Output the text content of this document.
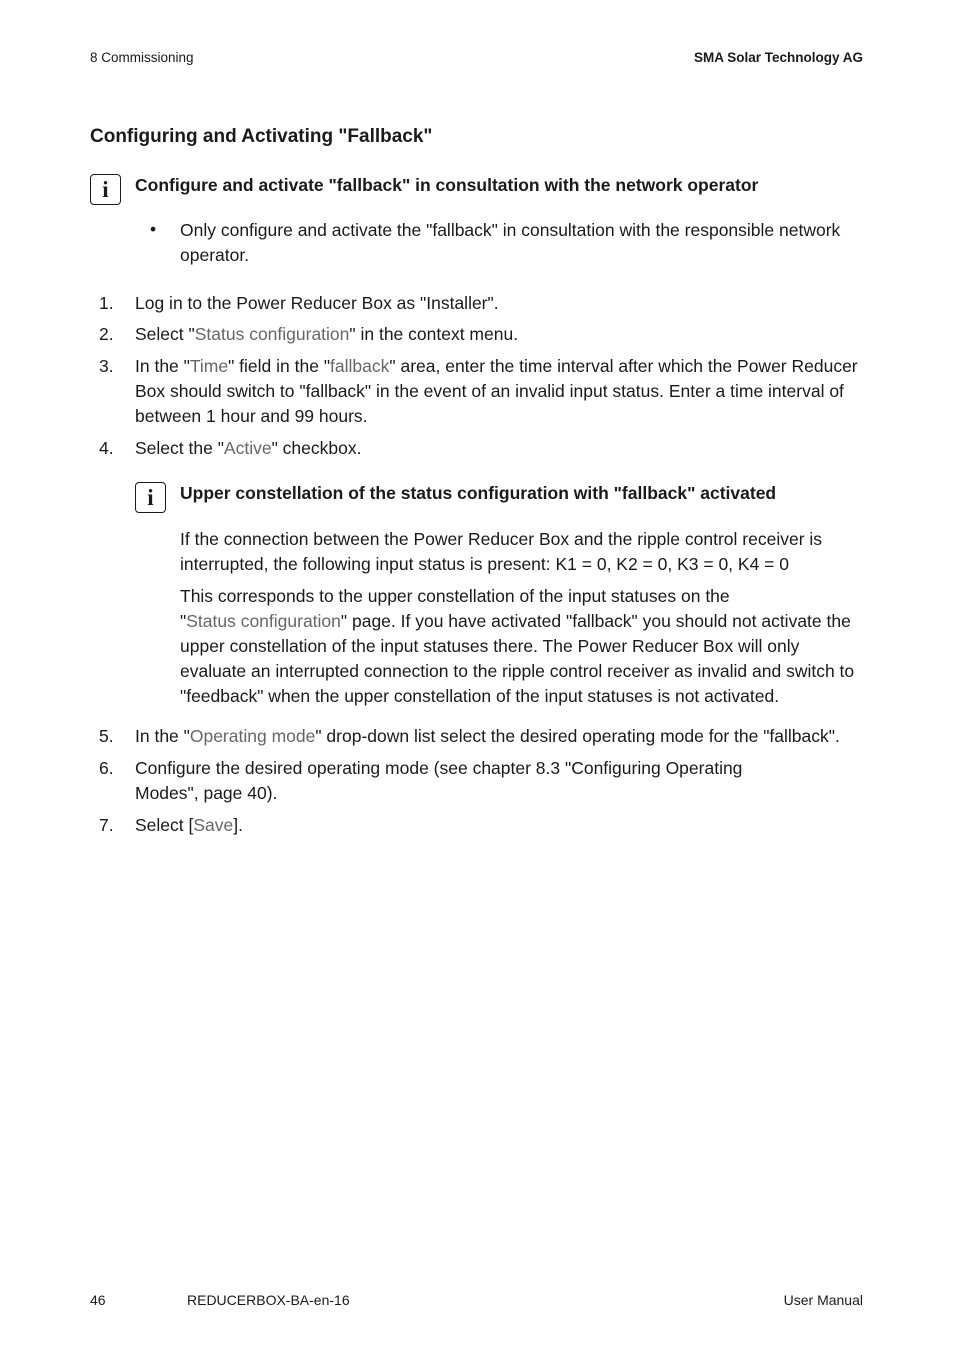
8 Commissioning	SMA Solar Technology AG
Configuring and Activating "Fallback"
i	Configure and activate "fallback" in consultation with the network operator
• Only configure and activate the "fallback" in consultation with the responsible network operator.

1. Log in to the Power Reducer Box as "Installer".

2. Select "Status configuration" in the context menu.

3. In the "Time" field in the "fallback" area, enter the time interval after which the Power Reducer Box should switch to "fallback" in the event of an invalid input status. Enter a time interval of between 1 hour and 99 hours.

4. Select the "Active" checkbox.

i	Upper constellation of the status configuration with "fallback" activated

If the connection between the Power Reducer Box and the ripple control receiver is interrupted, the following input status is present: K1 = 0, K2 = 0, K3 = 0, K4 = 0

This corresponds to the upper constellation of the input statuses on the
"Status configuration" page. If you have activated "fallback" you should not activate the upper constellation of the input statuses there. The Power Reducer Box will only evaluate an interrupted connection to the ripple control receiver as invalid and switch to "feedback" when the upper constellation of the input statuses is not activated.

5. In the "Operating mode" drop-down list select the desired operating mode for the "fallback".

6. Configure the desired operating mode (see chapter 8.3 "Configuring Operating
Modes", page 40).

7. Select [Save].

46	REDUCERBOX-BA-en-16	User Manual
